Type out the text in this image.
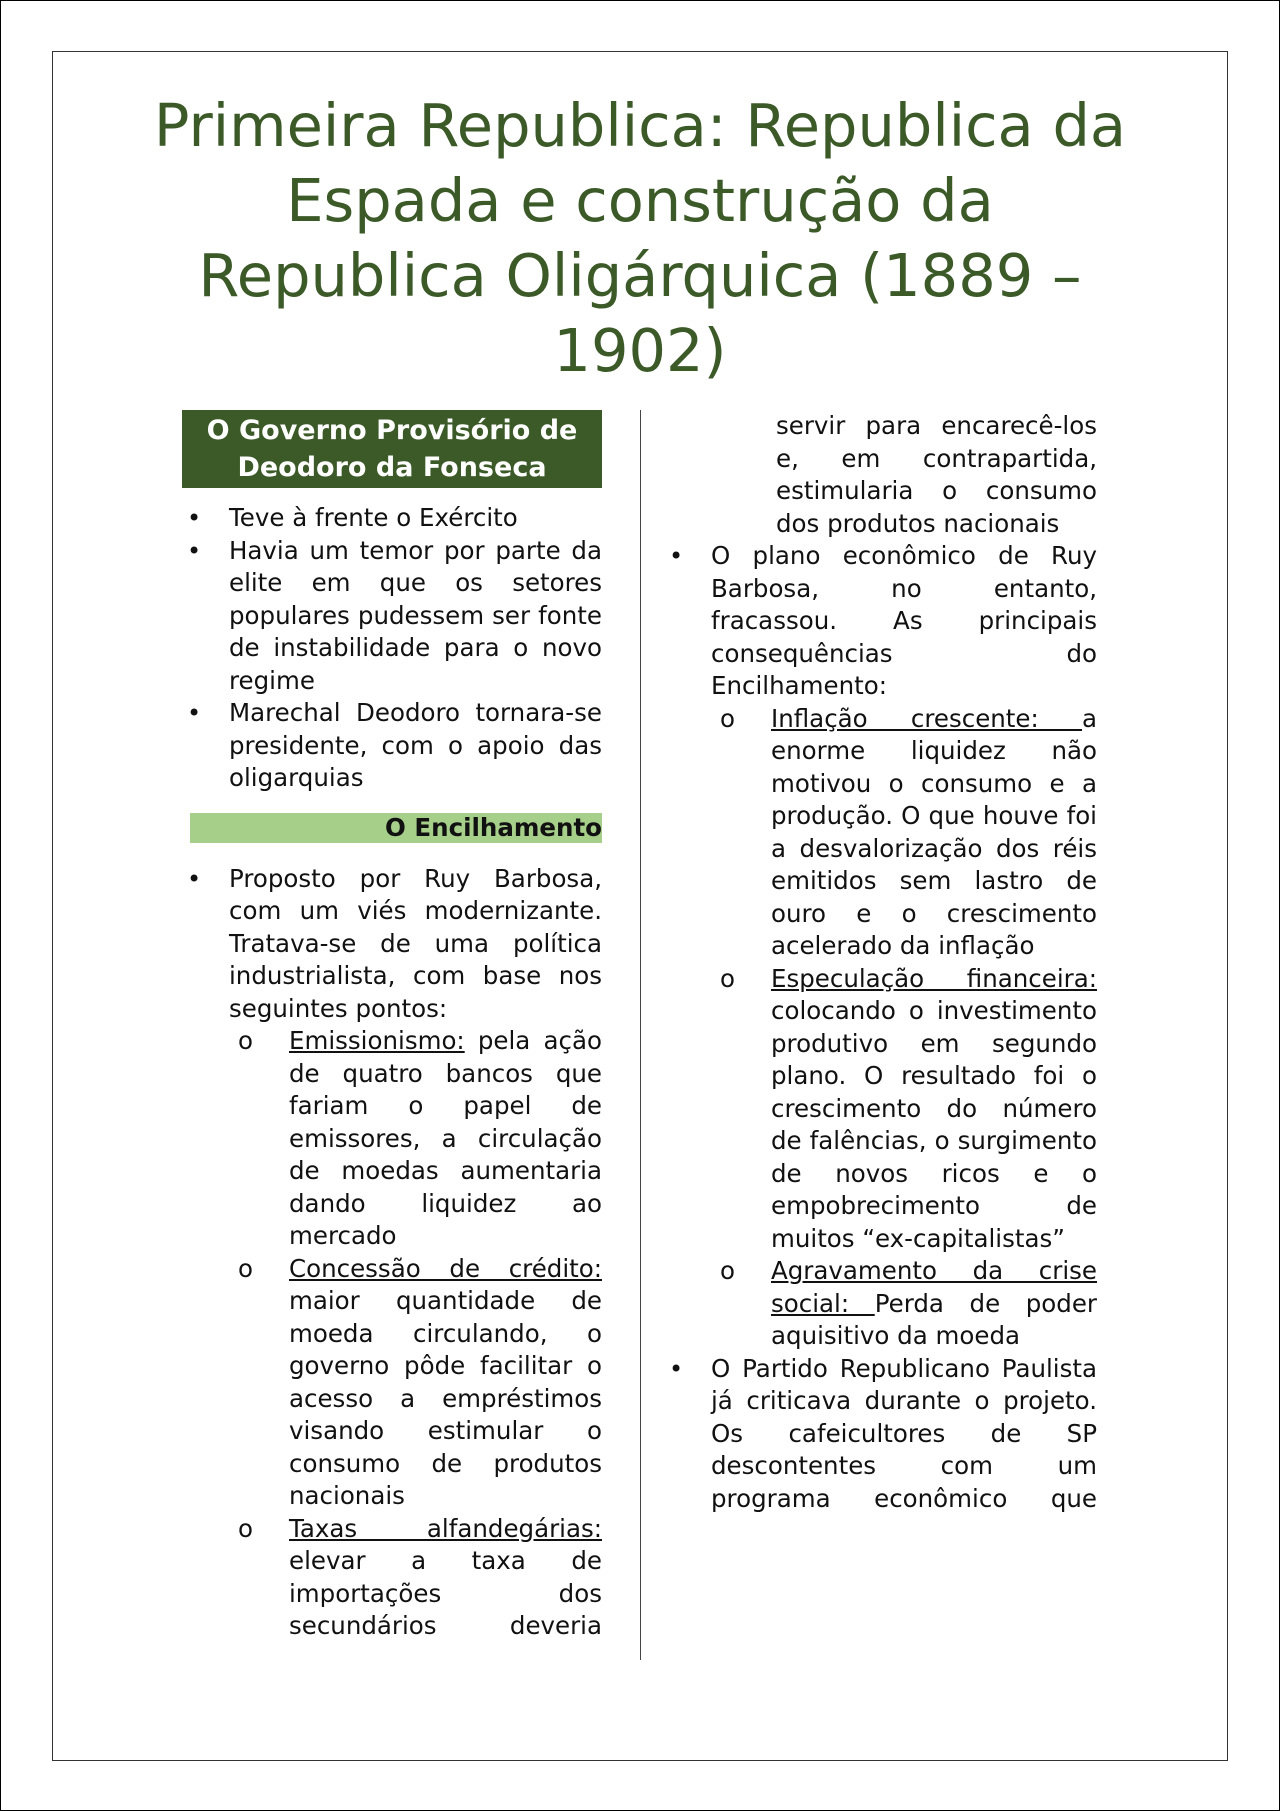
Primeira Republica: Republica da Espada e construção da Republica Oligárquica (1889 – 1902)
O Governo Provisório de Deodoro da Fonseca
• Teve à frente o Exército
• Havia um temor por parte da elite em que os setores populares pudessem ser fonte de instabilidade para o novo regime
• Marechal Deodoro tornara-se presidente, com o apoio das oligarquias
O Encilhamento
• Proposto por Ruy Barbosa, com um viés modernizante. Tratava-se de uma política industrialista, com base nos seguintes pontos:
o Emissionismo: pela ação de quatro bancos que fariam o papel de emissores, a circulação de moedas aumentaria dando liquidez ao mercado
o Concessão de crédito: maior quantidade de moeda circulando, o governo pôde facilitar o acesso a empréstimos visando estimular o consumo de produtos nacionais
o Taxas alfandegárias: elevar a taxa de importações dos secundários deveria
servir para encarecê-los e, em contrapartida, estimularia o consumo dos produtos nacionais
• O plano econômico de Ruy Barbosa, no entanto, fracassou. As principais consequências do Encilhamento:
o Inflação crescente: a enorme liquidez não motivou o consumo e a produção. O que houve foi a desvalorização dos réis emitidos sem lastro de ouro e o crescimento acelerado da inflação
o Especulação financeira: colocando o investimento produtivo em segundo plano. O resultado foi o crescimento do número de falências, o surgimento de novos ricos e o empobrecimento de muitos “ex-capitalistas”
o Agravamento da crise social: Perda de poder aquisitivo da moeda
• O Partido Republicano Paulista já criticava durante o projeto. Os cafeicultores de SP descontentes com um programa econômico que
